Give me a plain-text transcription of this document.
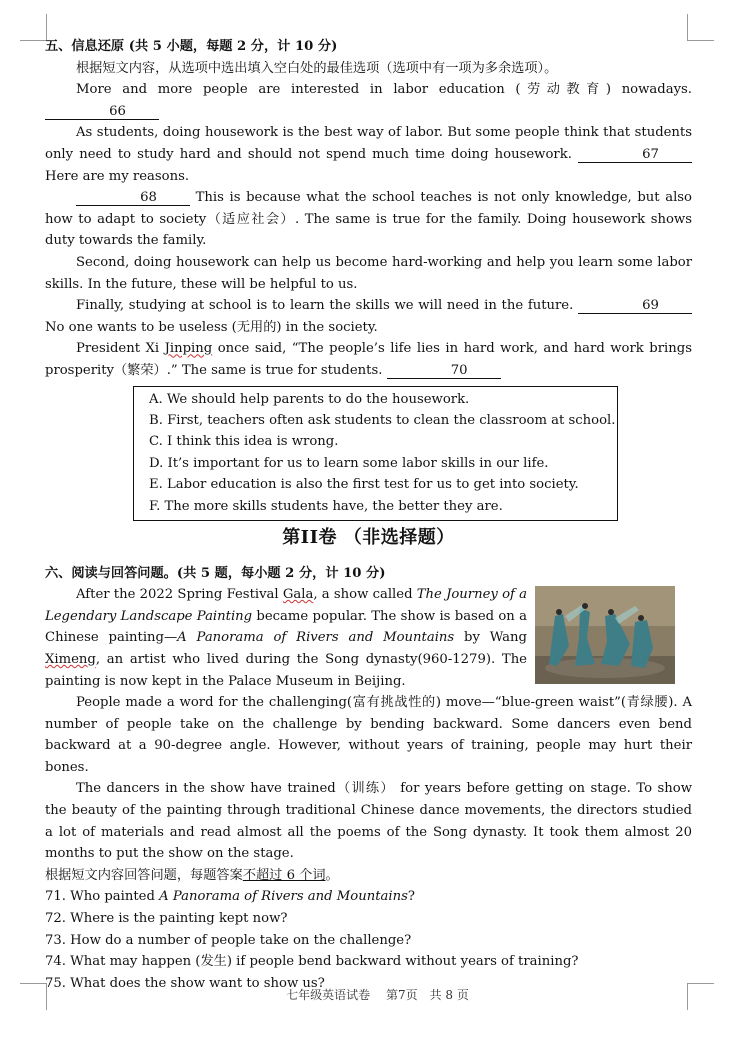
五、信息还原 (共 5 小题，每题 2 分，计 10 分)

根据短文内容，从选项中选出填入空白处的最佳选项（选项中有一项为多余选项）。

More and more people are interested in labor education (劳动教育) nowadays. 66

As students, doing housework is the best way of labor. But some people think that students only need to study hard and should not spend much time doing housework.	67 Here are my reasons.

68	This is because what the school teaches is not only knowledge, but also how to adapt to society（适应社会）. The same is true for the family. Doing housework shows duty towards the family.

Second, doing housework can help us become hard-working and help you learn some labor skills. In the future, these will be helpful to us.

Finally, studying at school is to learn the skills we will need in the future.	69 No one wants to be useless (无用的) in the society.

President Xi Jinping once said, “The people’s life lies in hard work, and hard work brings prosperity（繁荣）.” The same is true for students.	70

A. We should help parents to do the housework.

B. First, teachers often ask students to clean the classroom at school.

C. I think this idea is wrong.

D. It’s important for us to learn some labor skills in our life.

E. Labor education is also the first test for us to get into society.

F. The more skills students have, the better they are.

第II卷 （非选择题）

六、阅读与回答问题。(共 5 题，每小题 2 分，计 10 分)

After the 2022 Spring Festival Gala, a show called The Journey of a Legendary Landscape Painting became popular. The show is based on a Chinese painting—A Panorama of Rivers and Mountains by Wang Ximeng, an artist who lived during the Song dynasty(960-1279). The painting is now kept in the Palace Museum in Beijing.

People made a word for the challenging(富有挑战性的) move—“blue-green waist”(青绿腰). A number of people take on the challenge by bending backward. Some dancers even bend backward at a 90-degree angle. However, without years of training, people may hurt their bones.

The dancers in the show have trained（训练） for years before getting on stage. To show the beauty of the painting through traditional Chinese dance movements, the directors studied a lot of materials and read almost all the poems of the Song dynasty. It took them almost 20 months to put the show on the stage.

根据短文内容回答问题，每题答案不超过 6 个词。

71. Who painted A Panorama of Rivers and Mountains?

72. Where is the painting kept now?

73. How do a number of people take on the challenge?

74. What may happen (发生) if people bend backward without years of training?

75. What does the show want to show us?

七年级英语试卷　 第7页　共 8 页
